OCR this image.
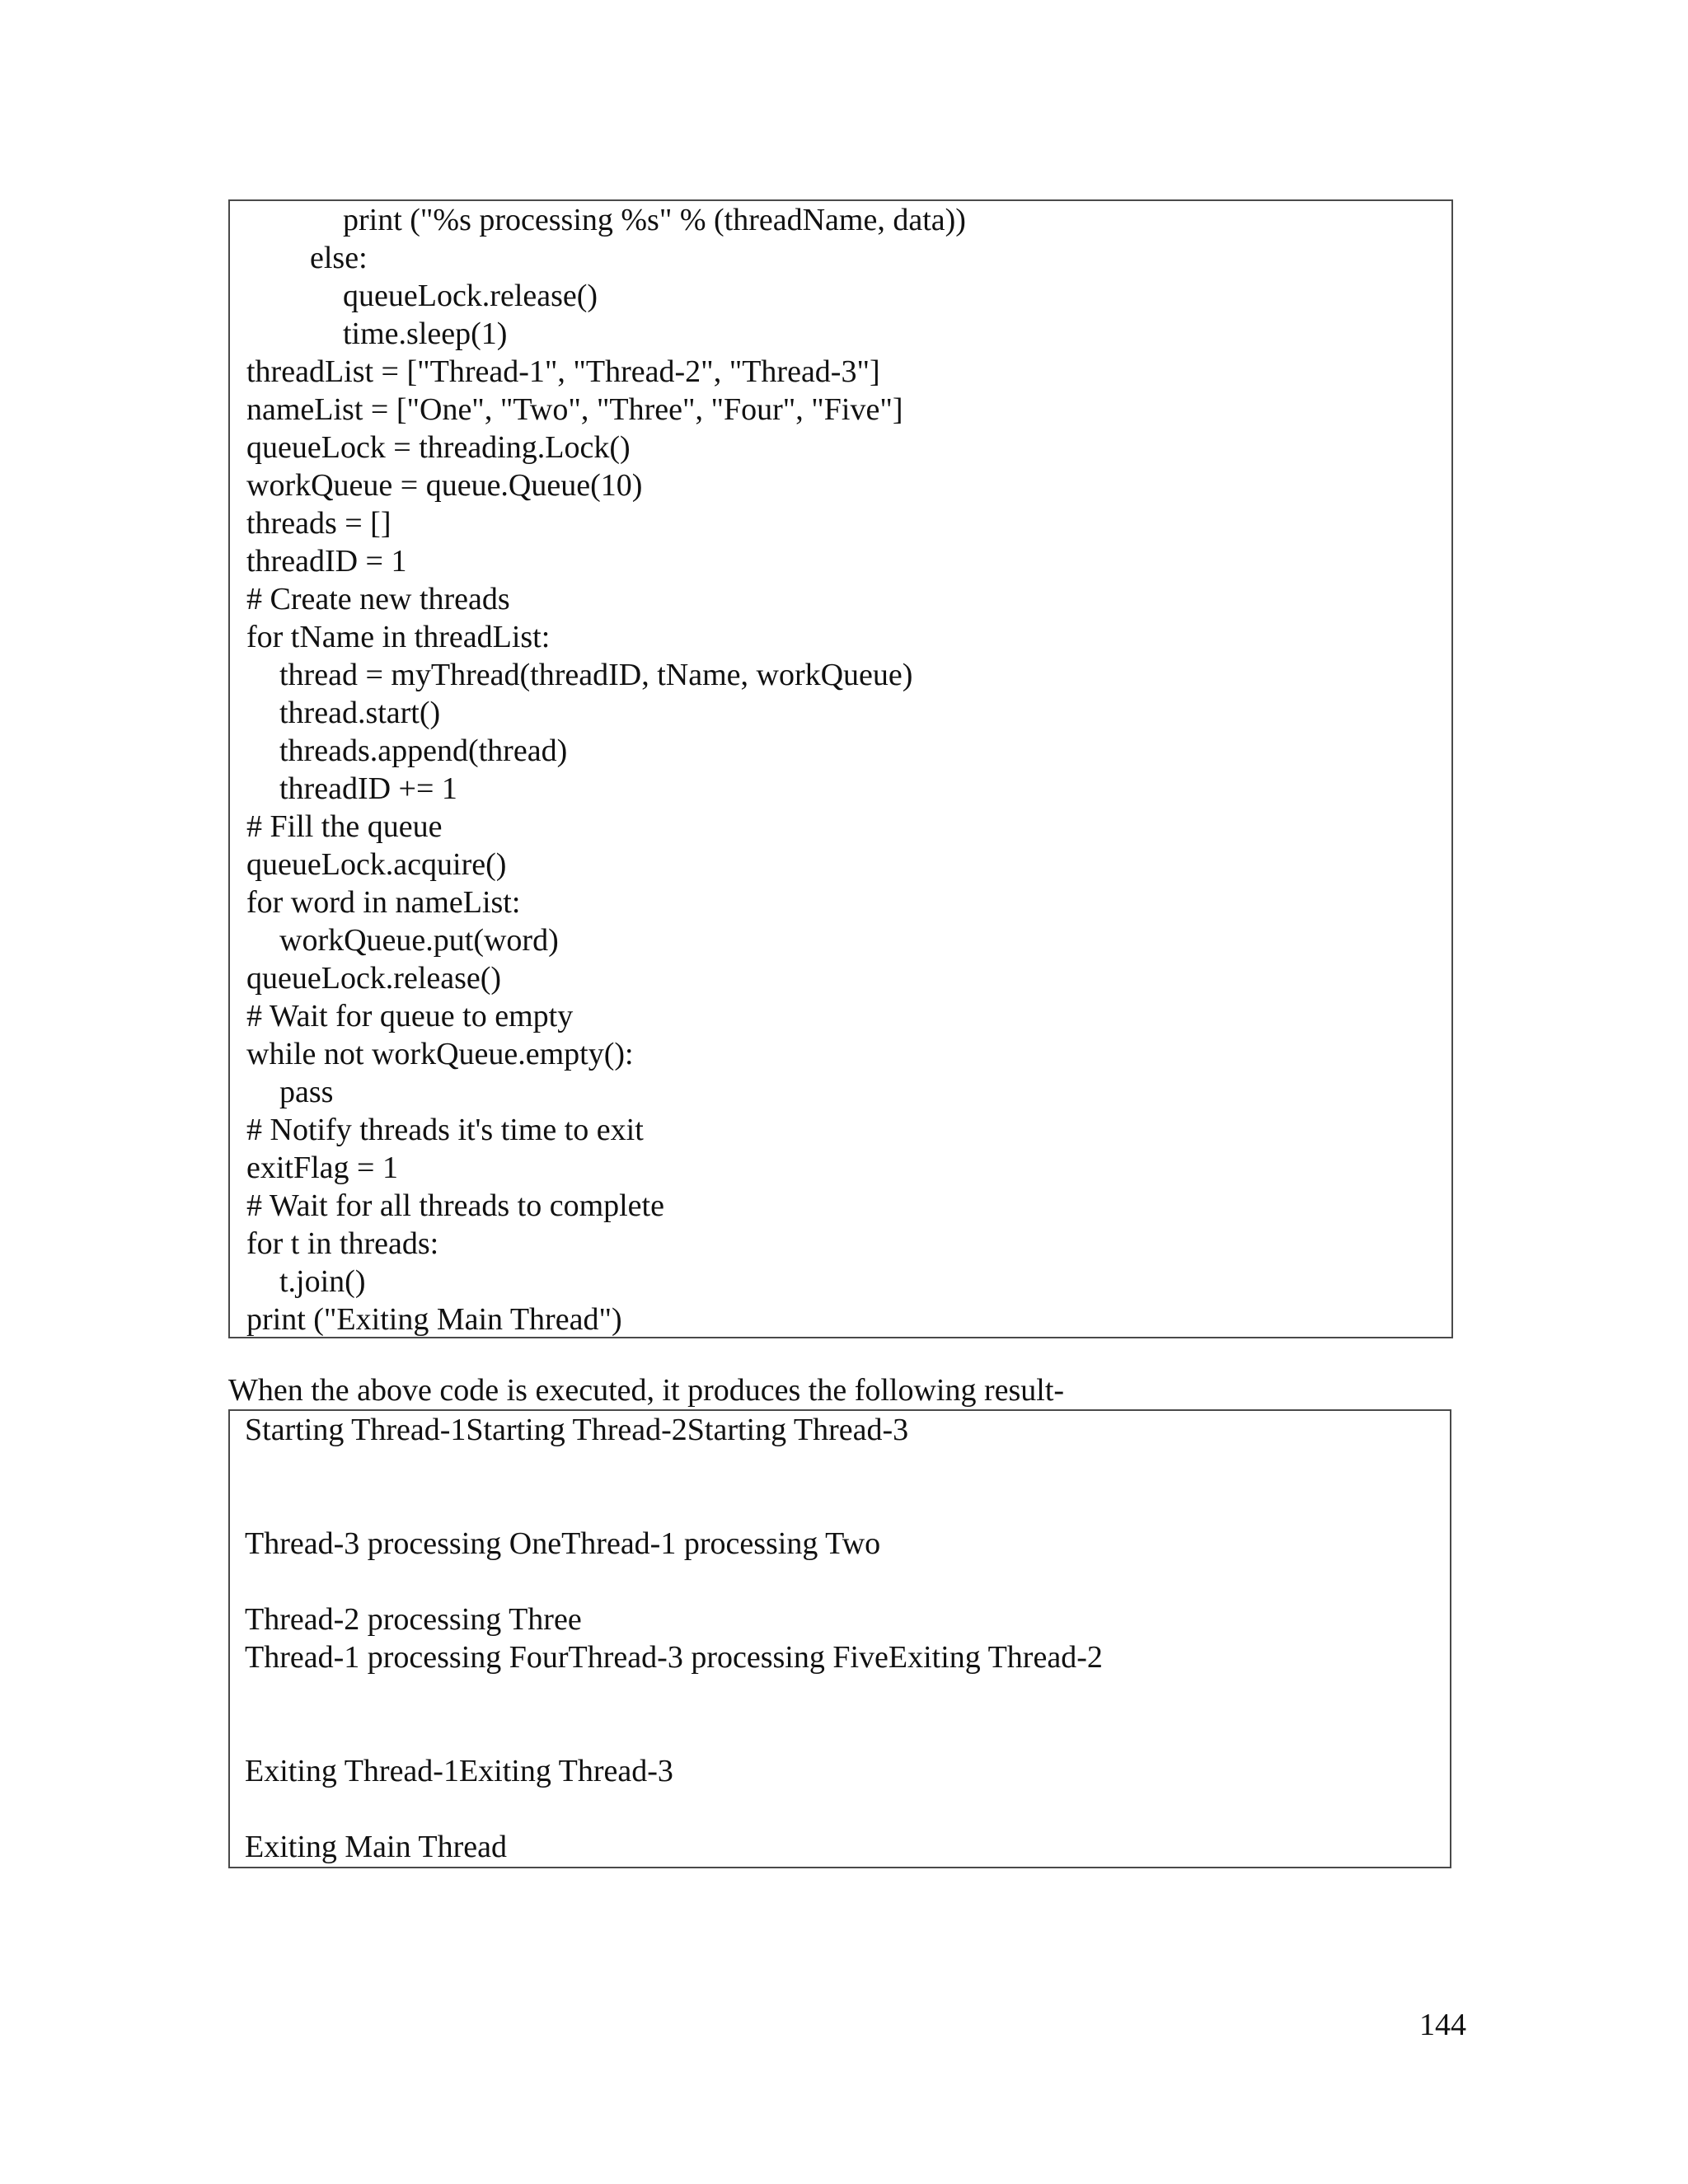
print ("%s processing %s" % (threadName, data))
else:
queueLock.release()
time.sleep(1)
threadList = ["Thread-1", "Thread-2", "Thread-3"]
nameList = ["One", "Two", "Three", "Four", "Five"]
queueLock = threading.Lock()
workQueue = queue.Queue(10)
threads = []
threadID = 1
# Create new threads
for tName in threadList:
thread = myThread(threadID, tName, workQueue)
thread.start()
threads.append(thread)
threadID += 1
# Fill the queue
queueLock.acquire()
for word in nameList:
workQueue.put(word)
queueLock.release()
# Wait for queue to empty
while not workQueue.empty():
pass
# Notify threads it's time to exit
exitFlag = 1
# Wait for all threads to complete
for t in threads:
t.join()
print ("Exiting Main Thread")
When the above code is executed, it produces the following result-
Starting Thread-1Starting Thread-2Starting Thread-3
Thread-3 processing OneThread-1 processing Two
Thread-2 processing Three
Thread-1 processing FourThread-3 processing FiveExiting Thread-2
Exiting Thread-1Exiting Thread-3
Exiting Main Thread
144
